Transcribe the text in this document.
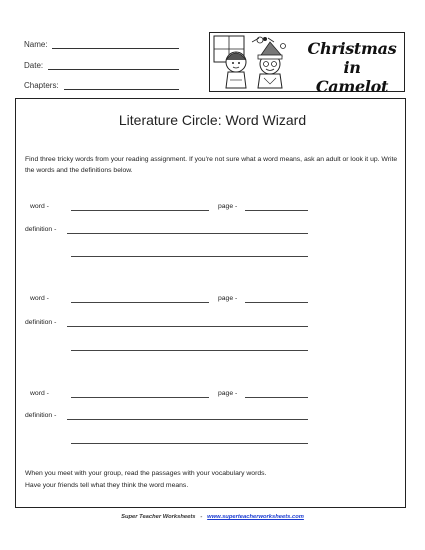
Name:
Date:
Chapters:
Christmas in
Camelot
Literature Circle: Word Wizard
Find three tricky words from your reading assignment. If you're not sure what a word means, ask an adult or look it up. Write the words and the definitions below.
word -	page -
definition -
word -	page -
definition -
word -	page -
definition -
When you meet with your group, read the passages with your vocabulary words.
Have your friends tell what they think the word means.
Super Teacher Worksheets - www.superteacherworksheets.com
